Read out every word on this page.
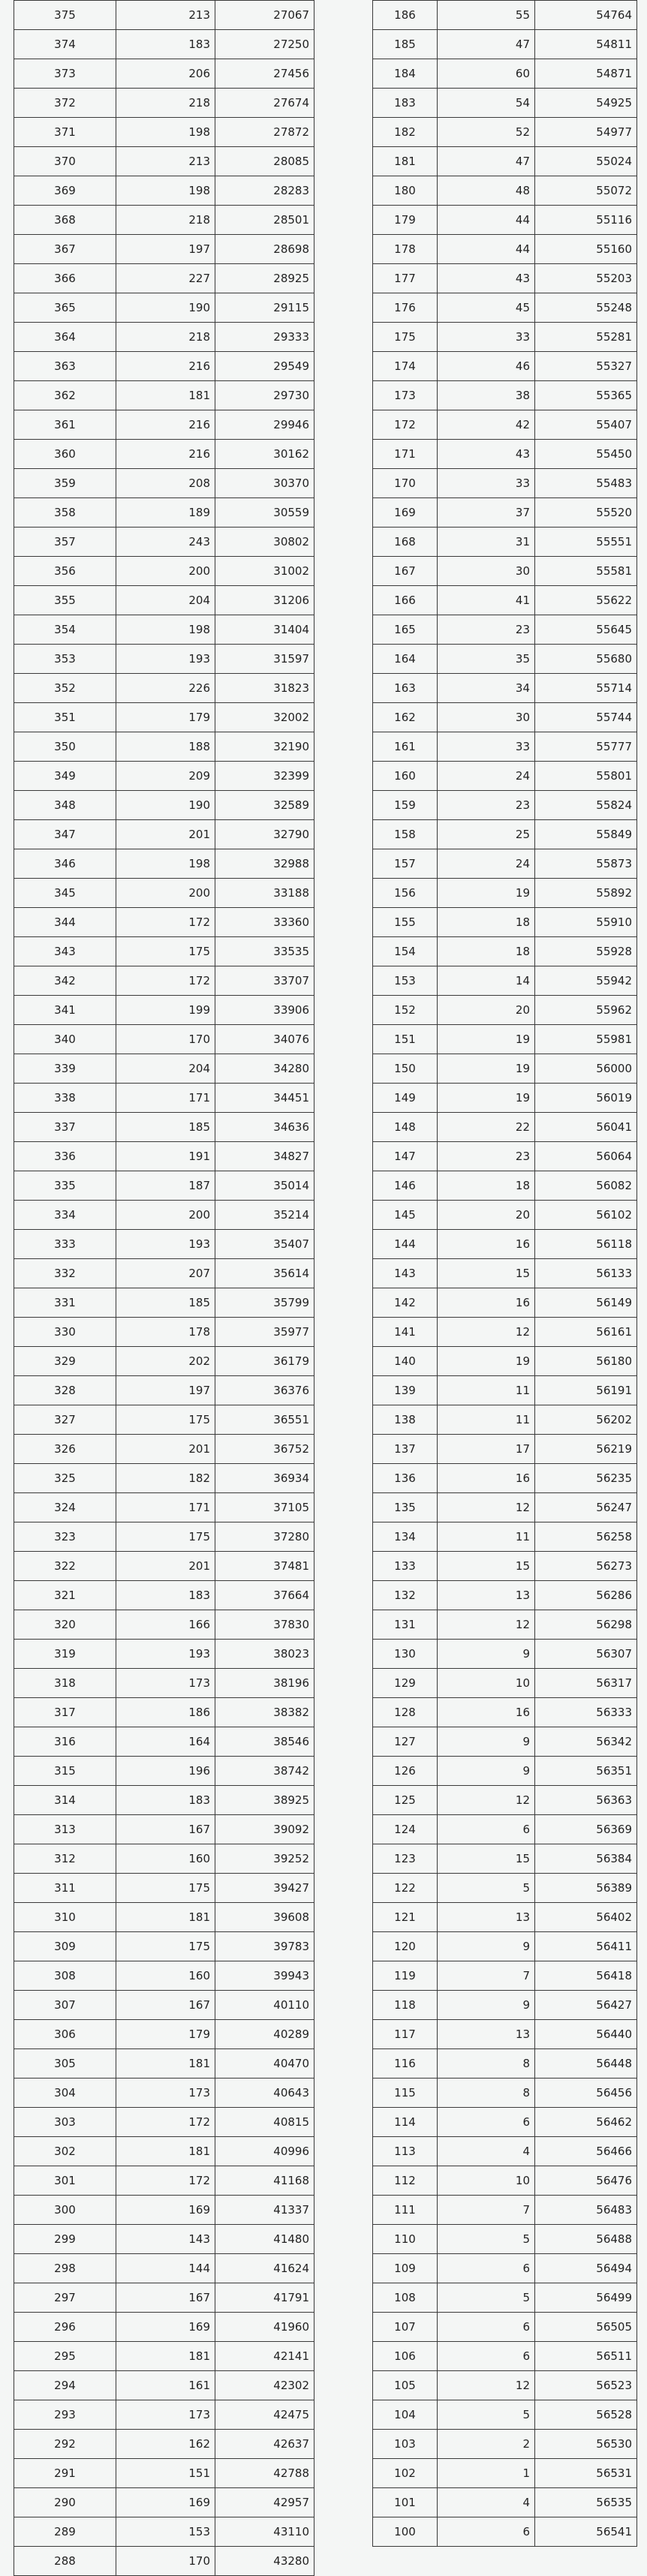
375	213	27067
374	183	27250
373	206	27456
372	218	27674
371	198	27872
370	213	28085
369	198	28283
368	218	28501
367	197	28698
366	227	28925
365	190	29115
364	218	29333
363	216	29549
362	181	29730
361	216	29946
360	216	30162
359	208	30370
358	189	30559
357	243	30802
356	200	31002
355	204	31206
354	198	31404
353	193	31597
352	226	31823
351	179	32002
350	188	32190
349	209	32399
348	190	32589
347	201	32790
346	198	32988
345	200	33188
344	172	33360
343	175	33535
342	172	33707
341	199	33906
340	170	34076
339	204	34280
338	171	34451
337	185	34636
336	191	34827
335	187	35014
334	200	35214
333	193	35407
332	207	35614
331	185	35799
330	178	35977
329	202	36179
328	197	36376
327	175	36551
326	201	36752
325	182	36934
324	171	37105
323	175	37280
322	201	37481
321	183	37664
320	166	37830
319	193	38023
318	173	38196
317	186	38382
316	164	38546
315	196	38742
314	183	38925
313	167	39092
312	160	39252
311	175	39427
310	181	39608
309	175	39783
308	160	39943
307	167	40110
306	179	40289
305	181	40470
304	173	40643
303	172	40815
302	181	40996
301	172	41168
300	169	41337
299	143	41480
298	144	41624
297	167	41791
296	169	41960
295	181	42141
294	161	42302
293	173	42475
292	162	42637
291	151	42788
290	169	42957
289	153	43110
288	170	43280
186	55	54764
185	47	54811
184	60	54871
183	54	54925
182	52	54977
181	47	55024
180	48	55072
179	44	55116
178	44	55160
177	43	55203
176	45	55248
175	33	55281
174	46	55327
173	38	55365
172	42	55407
171	43	55450
170	33	55483
169	37	55520
168	31	55551
167	30	55581
166	41	55622
165	23	55645
164	35	55680
163	34	55714
162	30	55744
161	33	55777
160	24	55801
159	23	55824
158	25	55849
157	24	55873
156	19	55892
155	18	55910
154	18	55928
153	14	55942
152	20	55962
151	19	55981
150	19	56000
149	19	56019
148	22	56041
147	23	56064
146	18	56082
145	20	56102
144	16	56118
143	15	56133
142	16	56149
141	12	56161
140	19	56180
139	11	56191
138	11	56202
137	17	56219
136	16	56235
135	12	56247
134	11	56258
133	15	56273
132	13	56286
131	12	56298
130	9	56307
129	10	56317
128	16	56333
127	9	56342
126	9	56351
125	12	56363
124	6	56369
123	15	56384
122	5	56389
121	13	56402
120	9	56411
119	7	56418
118	9	56427
117	13	56440
116	8	56448
115	8	56456
114	6	56462
113	4	56466
112	10	56476
111	7	56483
110	5	56488
109	6	56494
108	5	56499
107	6	56505
106	6	56511
105	12	56523
104	5	56528
103	2	56530
102	1	56531
101	4	56535
100	6	56541
